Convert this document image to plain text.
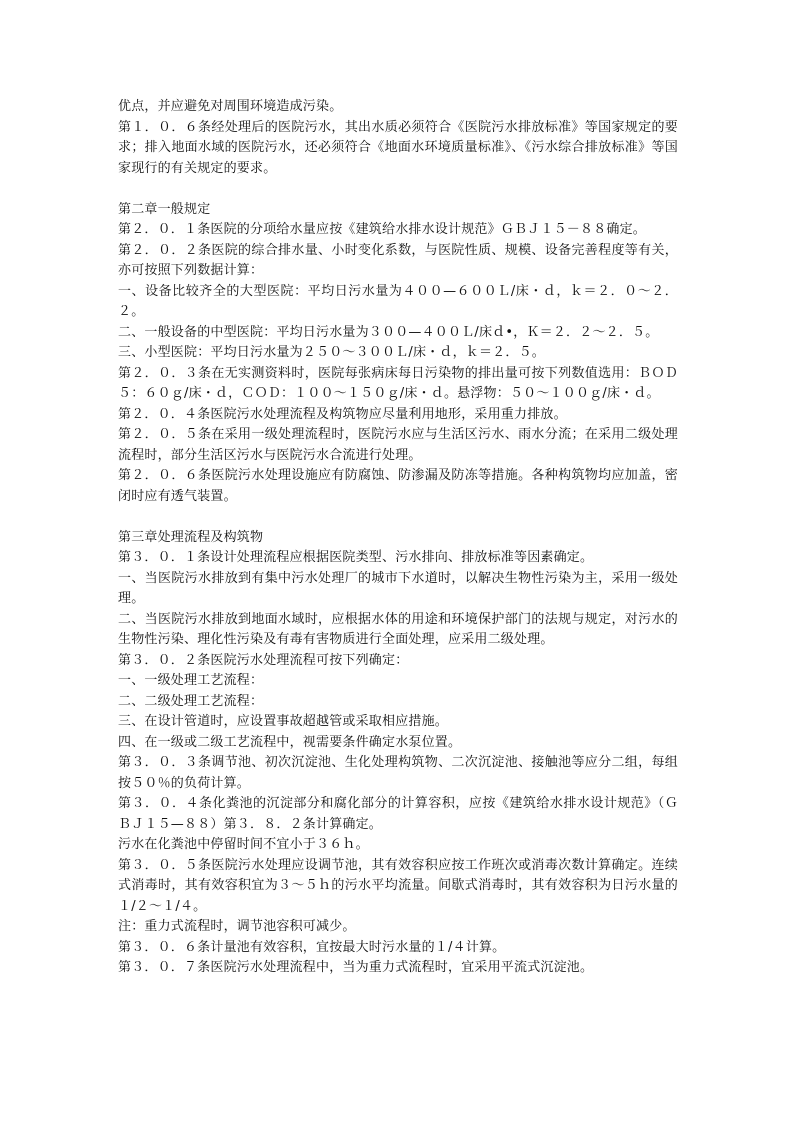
优点，并应避免对周围环境造成污染。

第１．０．６条经处理后的医院污水，其出水质必须符合《医院污水排放标准》等国家规定的要求；排入地面水域的医院污水，还必须符合《地面水环境质量标准》、《污水综合排放标准》等国家现行的有关规定的要求。

第二章一般规定

第２．０．１条医院的分项给水量应按《建筑给水排水设计规范》ＧＢＪ１５－８８确定。

第２．０．２条医院的综合排水量、小时变化系数，与医院性质、规模、设备完善程度等有关，亦可按照下列数据计算：

一、设备比较齐全的大型医院：平均日污水量为４００—６００Ｌ/床・ｄ，ｋ＝２．０～２．２。

二、一般设备的中型医院：平均日污水量为３００—４００Ｌ/床ｄ•，Ｋ＝２．２～２．５。

三、小型医院：平均日污水量为２５０～３００Ｌ/床・ｄ，ｋ＝２．５。

第２．０．３条在无实测资料时，医院每张病床每日污染物的排出量可按下列数值选用：ＢＯＤ５：６０ｇ/床・ｄ，ＣＯＤ：１００～１５０ｇ/床・ｄ。悬浮物：５０～１００ｇ/床・ｄ。

第２．０．４条医院污水处理流程及构筑物应尽量利用地形，采用重力排放。

第２．０．５条在采用一级处理流程时，医院污水应与生活区污水、雨水分流；在采用二级处理流程时，部分生活区污水与医院污水合流进行处理。

第２．０．６条医院污水处理设施应有防腐蚀、防渗漏及防冻等措施。各种构筑物均应加盖，密闭时应有透气装置。

第三章处理流程及构筑物

第３．０．１条设计处理流程应根据医院类型、污水排向、排放标准等因素确定。

一、当医院污水排放到有集中污水处理厂的城市下水道时，以解决生物性污染为主，采用一级处理。

二、当医院污水排放到地面水域时，应根据水体的用途和环境保护部门的法规与规定，对污水的生物性污染、理化性污染及有毒有害物质进行全面处理，应采用二级处理。

第３．０．２条医院污水处理流程可按下列确定：

一、一级处理工艺流程：

二、二级处理工艺流程：

三、在设计管道时，应设置事故超越管或采取相应措施。

四、在一级或二级工艺流程中，视需要条件确定水泵位置。

第３．０．３条调节池、初次沉淀池、生化处理构筑物、二次沉淀池、接触池等应分二组，每组按５０％的负荷计算。

第３．０．４条化粪池的沉淀部分和腐化部分的计算容积，应按《建筑给水排水设计规范》（ＧＢＪ１５—８８）第３．８．２条计算确定。

污水在化粪池中停留时间不宜小于３６ｈ。

第３．０．５条医院污水处理应设调节池，其有效容积应按工作班次或消毒次数计算确定。连续式消毒时，其有效容积宜为３～５ｈ的污水平均流量。间歇式消毒时，其有效容积为日污水量的１/２～１/４。

注：重力式流程时，调节池容积可减少。

第３．０．６条计量池有效容积，宜按最大时污水量的１/４计算。

第３．０．７条医院污水处理流程中，当为重力式流程时，宜采用平流式沉淀池。
